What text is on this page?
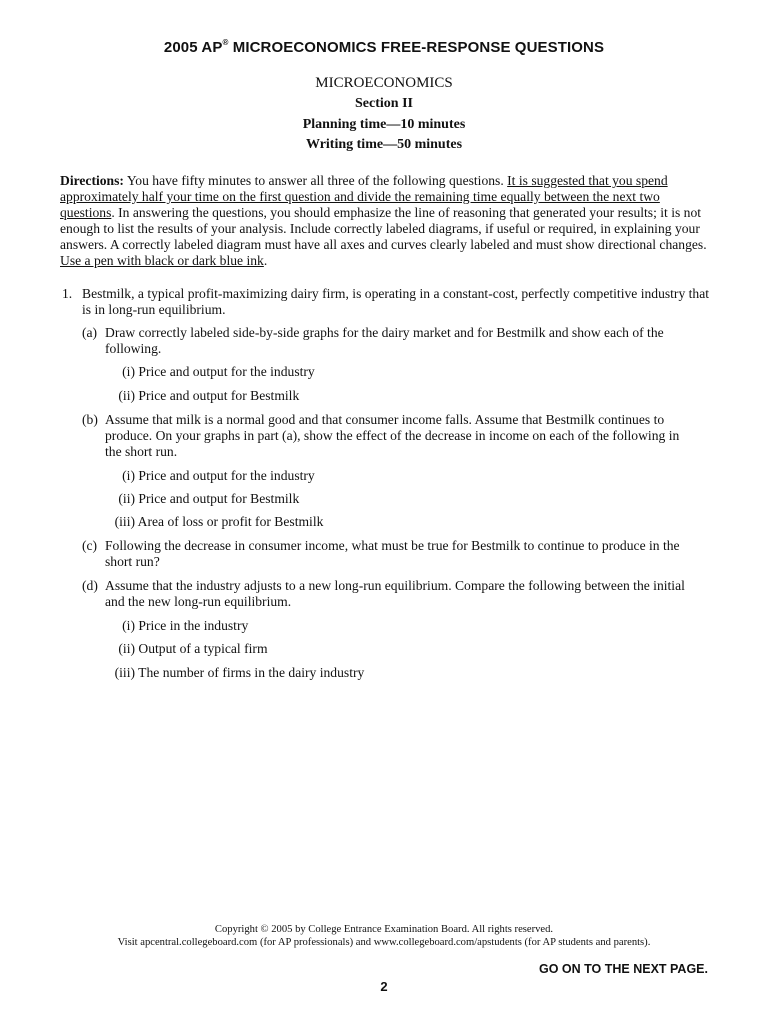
2005 AP® MICROECONOMICS FREE-RESPONSE QUESTIONS
MICROECONOMICS
Section II
Planning time—10 minutes
Writing time—50 minutes
Directions: You have fifty minutes to answer all three of the following questions. It is suggested that you spend approximately half your time on the first question and divide the remaining time equally between the next two questions. In answering the questions, you should emphasize the line of reasoning that generated your results; it is not enough to list the results of your analysis. Include correctly labeled diagrams, if useful or required, in explaining your answers. A correctly labeled diagram must have all axes and curves clearly labeled and must show directional changes. Use a pen with black or dark blue ink.
1. Bestmilk, a typical profit-maximizing dairy firm, is operating in a constant-cost, perfectly competitive industry that is in long-run equilibrium.
(a) Draw correctly labeled side-by-side graphs for the dairy market and for Bestmilk and show each of the following.
(i) Price and output for the industry
(ii) Price and output for Bestmilk
(b) Assume that milk is a normal good and that consumer income falls. Assume that Bestmilk continues to produce. On your graphs in part (a), show the effect of the decrease in income on each of the following in the short run.
(i) Price and output for the industry
(ii) Price and output for Bestmilk
(iii) Area of loss or profit for Bestmilk
(c) Following the decrease in consumer income, what must be true for Bestmilk to continue to produce in the short run?
(d) Assume that the industry adjusts to a new long-run equilibrium. Compare the following between the initial and the new long-run equilibrium.
(i) Price in the industry
(ii) Output of a typical firm
(iii) The number of firms in the dairy industry
Copyright © 2005 by College Entrance Examination Board. All rights reserved.
Visit apcentral.collegeboard.com (for AP professionals) and www.collegeboard.com/apstudents (for AP students and parents).
GO ON TO THE NEXT PAGE.
2
